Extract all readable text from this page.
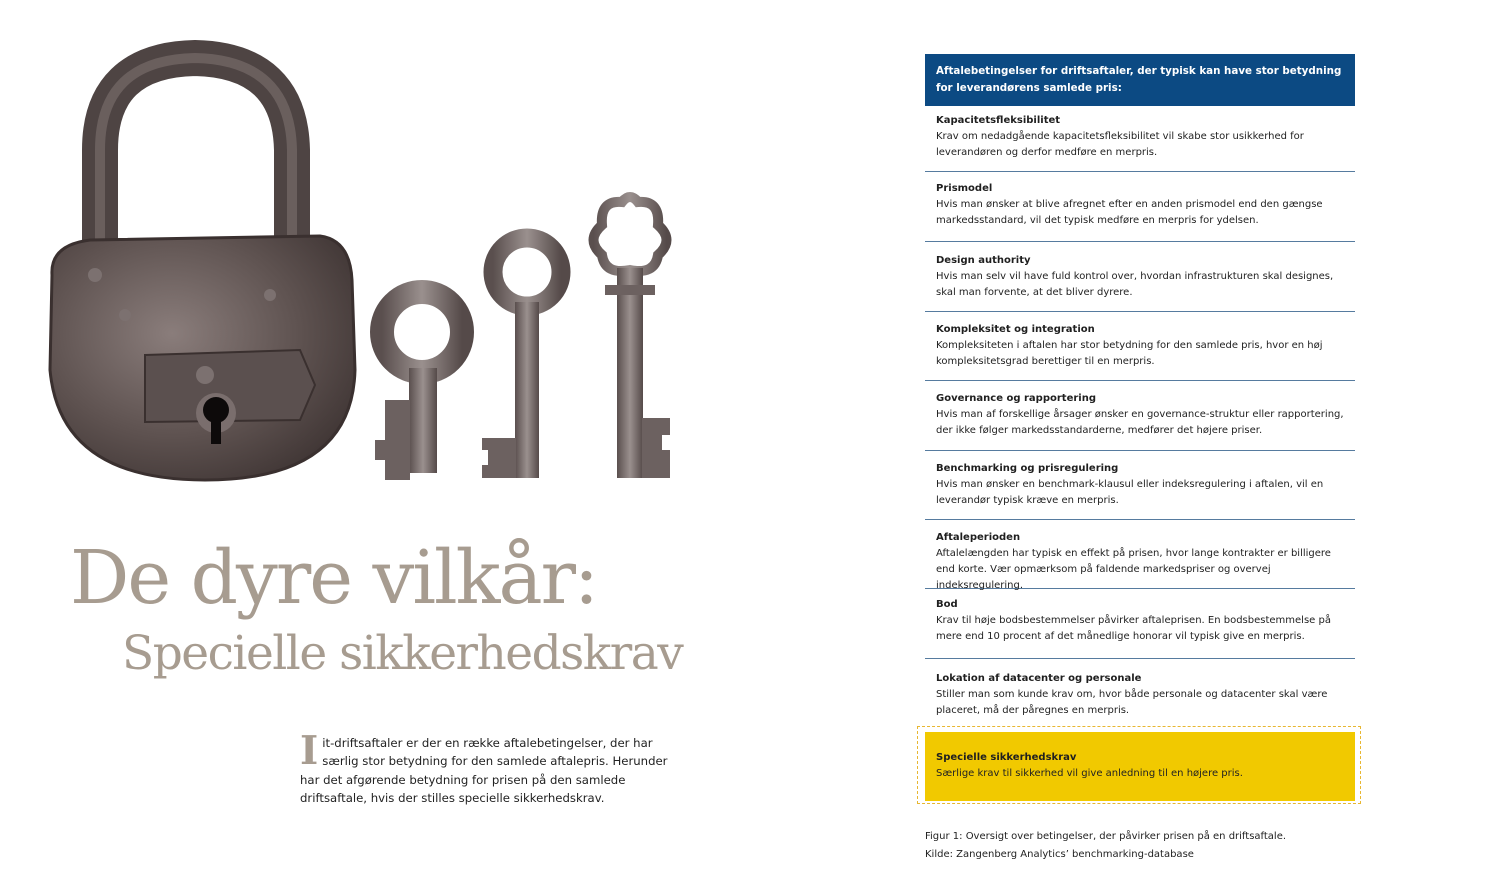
De dyre vilkår:
Specielle sikkerhedskrav

Iit-driftsaftaler er der en række aftalebetingelser, der har særlig stor betydning for den samlede aftalepris. Herunder har det afgørende betydning for prisen på den samlede driftsaftale, hvis der stilles specielle sikkerhedskrav.

Aftalebetingelser for driftsaftaler, der typisk kan have stor betydning for leverandørens samlede pris:
Kapacitetsfleksibilitet
Krav om nedadgående kapacitetsfleksibilitet vil skabe stor usikkerhed for leverandøren og derfor medføre en merpris.
Prismodel
Hvis man ønsker at blive afregnet efter en anden prismodel end den gængse markedsstandard, vil det typisk medføre en merpris for ydelsen.
Design authority
Hvis man selv vil have fuld kontrol over, hvordan infrastrukturen skal designes, skal man forvente, at det bliver dyrere.
Kompleksitet og integration
Kompleksiteten i aftalen har stor betydning for den samlede pris, hvor en høj kompleksitetsgrad berettiger til en merpris.
Governance og rapportering
Hvis man af forskellige årsager ønsker en governance-struktur eller rapportering, der ikke følger markedsstandarderne, medfører det højere priser.
Benchmarking og prisregulering
Hvis man ønsker en benchmark-klausul eller indeksregulering i aftalen, vil en leverandør typisk kræve en merpris.
Aftaleperioden
Aftalelængden har typisk en effekt på prisen, hvor lange kontrakter er billigere end korte. Vær opmærksom på faldende markedspriser og overvej indeksregulering.
Bod
Krav til høje bodsbestemmelser påvirker aftaleprisen. En bodsbestemmelse på mere end 10 procent af det månedlige honorar vil typisk give en merpris.
Lokation af datacenter og personale
Stiller man som kunde krav om, hvor både personale og datacenter skal være placeret, må der påregnes en merpris.
Specielle sikkerhedskrav
Særlige krav til sikkerhed vil give anledning til en højere pris.
Figur 1: Oversigt over betingelser, der påvirker prisen på en driftsaftale.
Kilde: Zangenberg Analytics’ benchmarking-database
